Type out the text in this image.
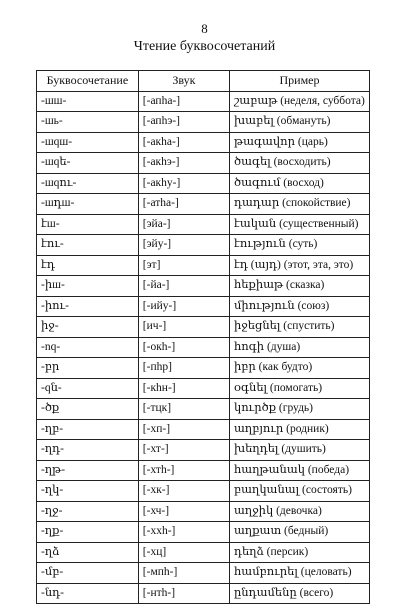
8
Чтение буквосочетаний
Буквосочетание	Звук	Пример
-шш-	[-апha-]	շաբաթ (неделя, суббота)
-шь-	[-апhэ-]	խաբել (обмануть)
-шqш-	[-акha-]	թագավոր (царь)
-шqե-	[-акhэ-]	ծագել (восходить)
-шqու-	[-акhу-]	ծագում (восход)
-шդш-	[-атha-]	դադար (спокойствие)
էш-	[эйа-]	էական (существенный)
էու-	[эйу-]	էություն (суть)
էդ	[эт]	էդ (այդ) (этот, эта, это)
-իш-	[-йа-]	հեքիաթ (сказка)
-իու-	[-ийу-]	միություն (союз)
իջ-	[ич-]	իջեցնել (спустить)
-nq-	[-окh-]	հոգի (душа)
-բր	[-пhр]	իբր (как будто)
-qն-	[-кhн-]	օգնել (помогать)
-ծք	[-тцк]	կուրծք (грудь)
-ղբ-	[-хп-]	աղբյուր (родник)
-ղդ-	[-хт-]	խեղդել (душить)
-ղթ-	[-хтh-]	հաղթանակ (победа)
-ղկ-	[-хк-]	բաղկանալ (состоять)
-ղջ-	[-хч-]	աղջիկ (девочка)
-ղք-	[-ххh-]	աղքատ (бедный)
-ղձ	[-хц]	դեղձ (персик)
-մբ-	[-мпh-]	համբուրել (целовать)
-նդ-	[-нтh-]	ընդամենը (всего)
